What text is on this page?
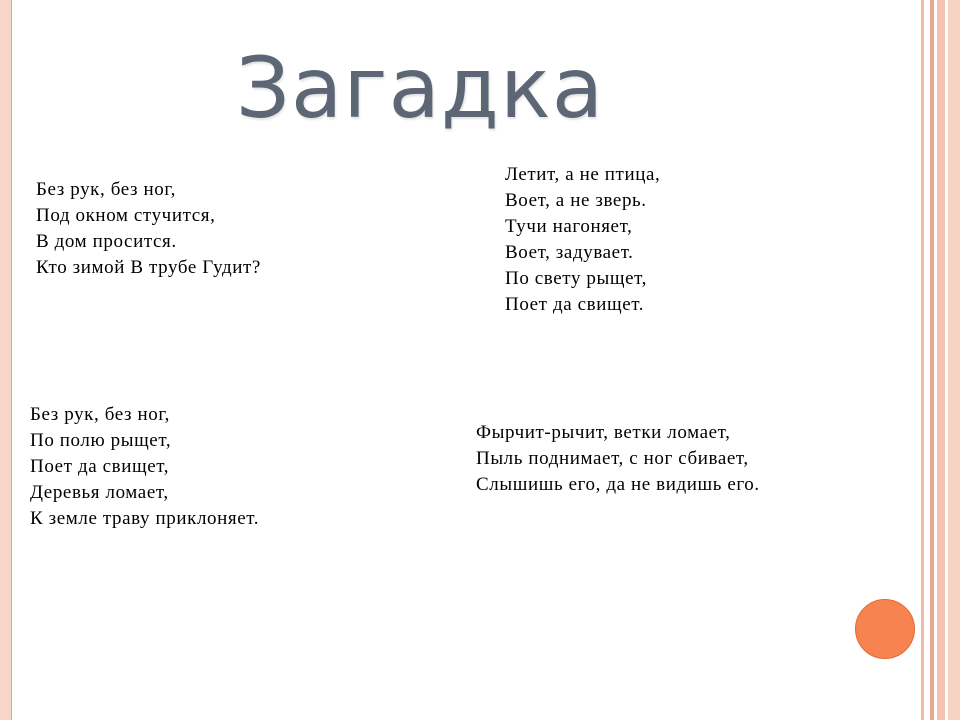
Загадка
Без рук, без ног,
Под окном стучится,
В дом просится.
Кто зимой В трубе Гудит?
Летит, а не птица,
Воет, а не зверь.
Тучи нагоняет,
Воет, задувает.
По свету рыщет,
Поет да свищет.
Без рук, без ног,
По полю рыщет,
Поет да свищет,
Деревья ломает,
К земле траву приклоняет.
Фырчит-рычит, ветки ломает,
Пыль поднимает, с ног сбивает,
Слышишь его, да не видишь его.
